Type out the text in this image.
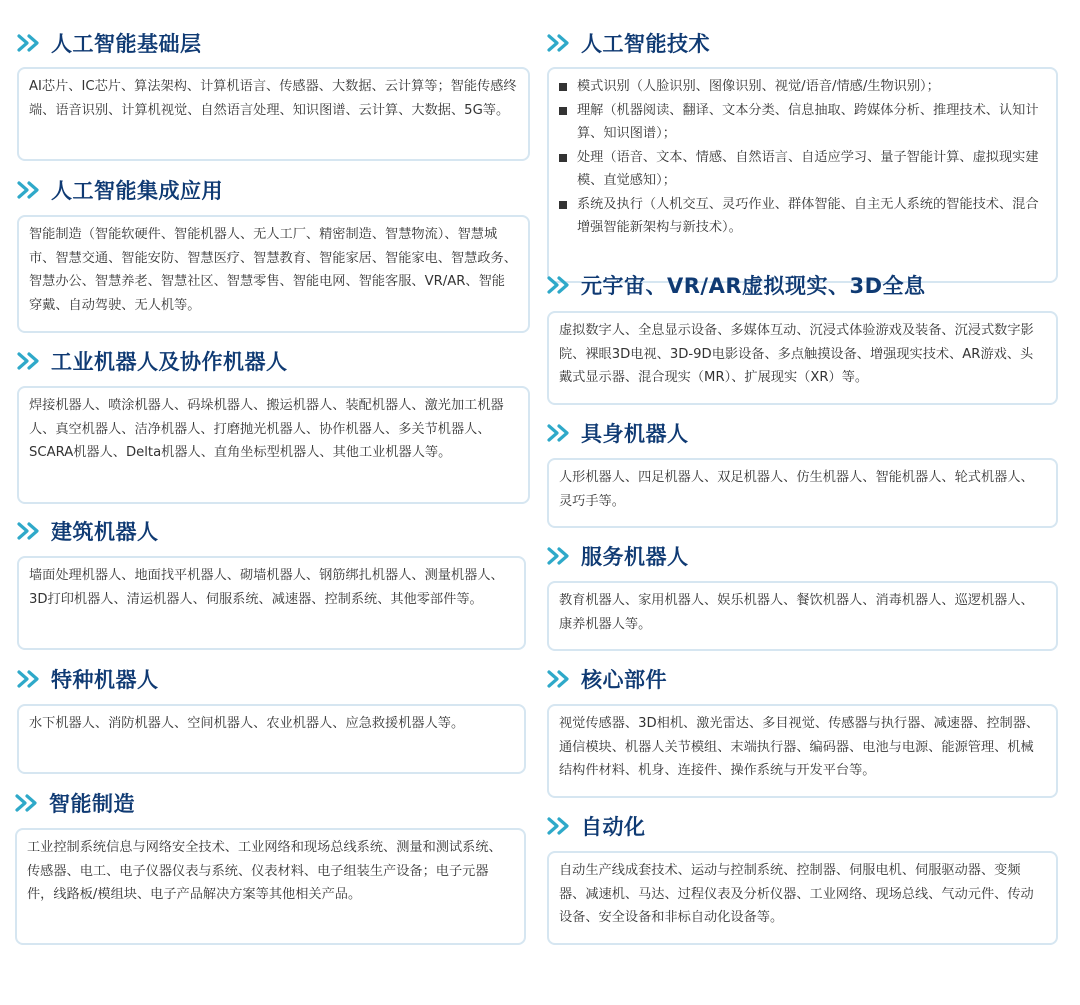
人工智能基础层

AI芯片、IC芯片、算法架构、计算机语言、传感器、大数据、云计算等；智能传感终端、语音识别、计算机视觉、自然语言处理、知识图谱、云计算、大数据、5G等。

人工智能集成应用

智能制造（智能软硬件、智能机器人、无人工厂、精密制造、智慧物流）、智慧城市、智慧交通、智能安防、智慧医疗、智慧教育、智能家居、智能家电、智慧政务、智慧办公、智慧养老、智慧社区、智慧零售、智能电网、智能客服、VR/AR、智能穿戴、自动驾驶、无人机等。

工业机器人及协作机器人

焊接机器人、喷涂机器人、码垛机器人、搬运机器人、装配机器人、激光加工机器人、真空机器人、洁净机器人、打磨抛光机器人、协作机器人、多关节机器人、SCARA机器人、Delta机器人、直角坐标型机器人、其他工业机器人等。

建筑机器人

墙面处理机器人、地面找平机器人、砌墙机器人、钢筋绑扎机器人、测量机器人、3D打印机器人、清运机器人、伺服系统、减速器、控制系统、其他零部件等。

特种机器人

水下机器人、消防机器人、空间机器人、农业机器人、应急救援机器人等。

智能制造

工业控制系统信息与网络安全技术、工业网络和现场总线系统、测量和测试系统、传感器、电工、电子仪器仪表与系统、仪表材料、电子组装生产设备；电子元器件，线路板/模组块、电子产品解决方案等其他相关产品。

人工智能技术
模式识别（人脸识别、图像识别、视觉/语音/情感/生物识别）；
理解（机器阅读、翻译、文本分类、信息抽取、跨媒体分析、推理技术、认知计算、知识图谱）；
处理（语音、文本、情感、自然语言、自适应学习、量子智能计算、虚拟现实建模、直觉感知）；
系统及执行（人机交互、灵巧作业、群体智能、自主无人系统的智能技术、混合增强智能新架构与新技术）。
元宇宙、VR/AR虚拟现实、3D全息

虚拟数字人、全息显示设备、多媒体互动、沉浸式体验游戏及装备、沉浸式数字影院、裸眼3D电视、3D-9D电影设备、多点触摸设备、增强现实技术、AR游戏、头戴式显示器、混合现实（MR）、扩展现实（XR）等。

具身机器人

人形机器人、四足机器人、双足机器人、仿生机器人、智能机器人、轮式机器人、灵巧手等。

服务机器人

教育机器人、家用机器人、娱乐机器人、餐饮机器人、消毒机器人、巡逻机器人、康养机器人等。

核心部件

视觉传感器、3D相机、激光雷达、多目视觉、传感器与执行器、减速器、控制器、通信模块、机器人关节模组、末端执行器、编码器、电池与电源、能源管理、机械结构件材料、机身、连接件、操作系统与开发平台等。

自动化

自动生产线成套技术、运动与控制系统、控制器、伺服电机、伺服驱动器、变频器、减速机、马达、过程仪表及分析仪器、工业网络、现场总线、气动元件、传动设备、安全设备和非标自动化设备等。
